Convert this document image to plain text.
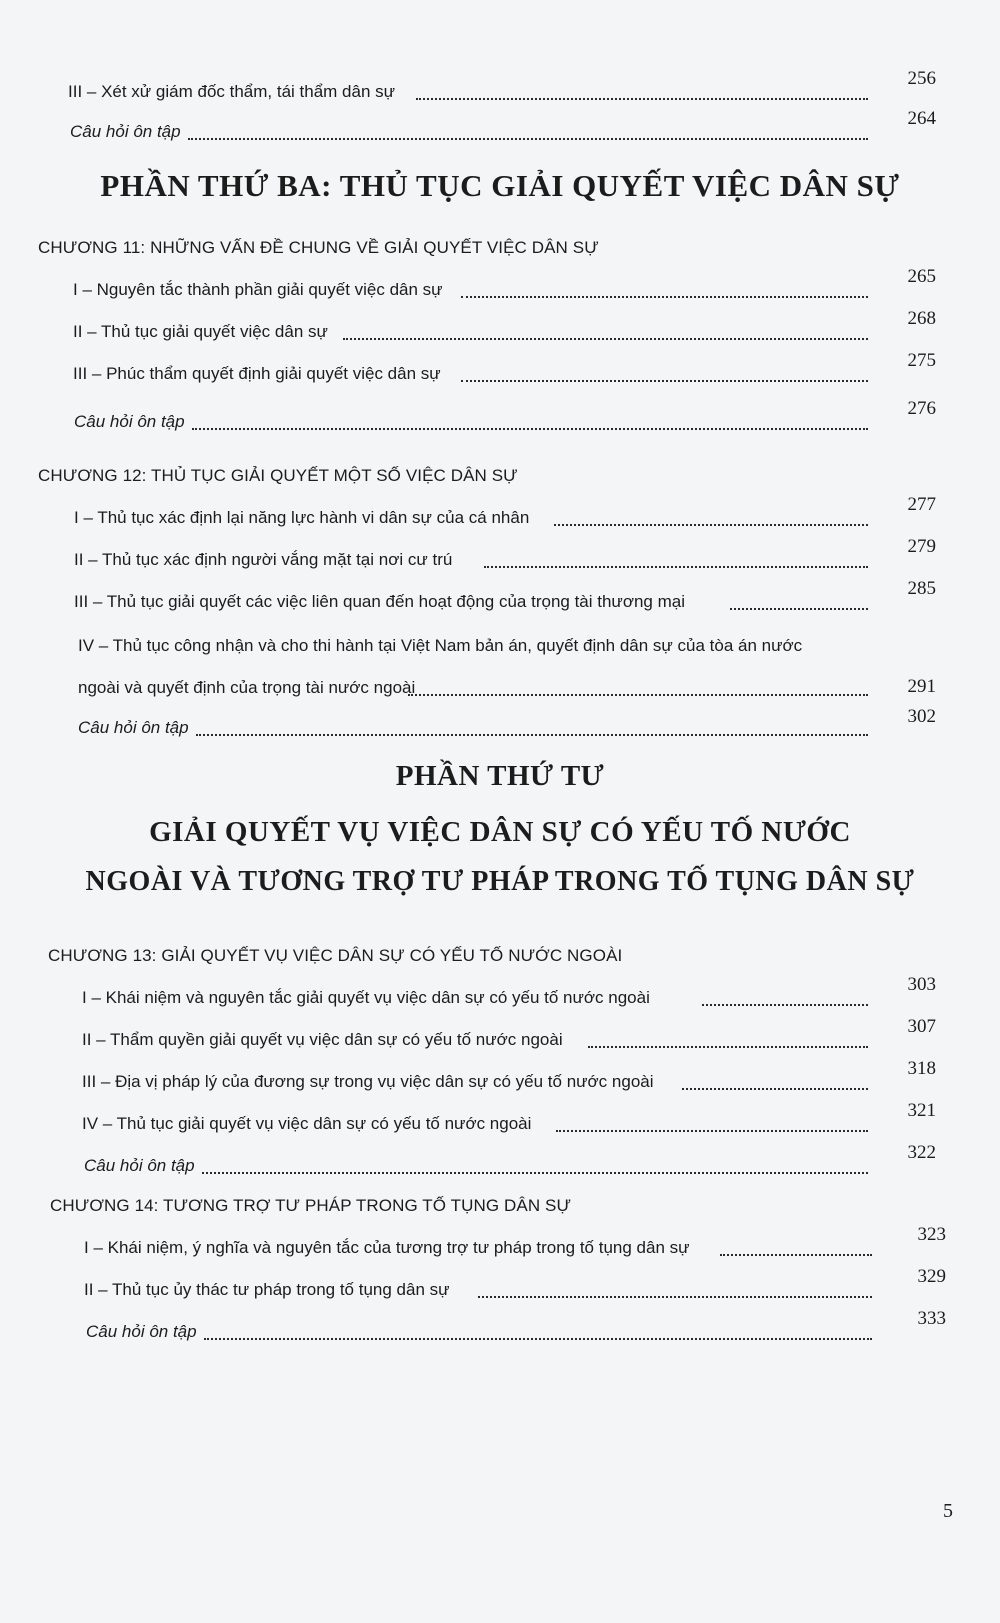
III – Xét xử giám đốc thẩm, tái thẩm dân sự
256
Câu hỏi ôn tập
264
PHẦN THỨ BA: THỦ TỤC GIẢI QUYẾT VIỆC DÂN SỰ
CHƯƠNG 11: NHỮNG VẤN ĐỀ CHUNG VỀ GIẢI QUYẾT VIỆC DÂN SỰ
I – Nguyên tắc thành phần giải quyết việc dân sự
265
II – Thủ tục giải quyết việc dân sự
268
III – Phúc thẩm quyết định giải quyết việc dân sự
275
Câu hỏi ôn tập
276
CHƯƠNG 12: THỦ TỤC GIẢI QUYẾT MỘT SỐ VIỆC DÂN SỰ
I – Thủ tục xác định lại năng lực hành vi dân sự của cá nhân
277
II – Thủ tục xác định người vắng mặt tại nơi cư trú
279
III – Thủ tục giải quyết các việc liên quan đến hoạt động của trọng tài thương mại
285
IV – Thủ tục công nhận và cho thi hành tại Việt Nam bản án, quyết định dân sự của tòa án nước
ngoài và quyết định của trọng tài nước ngoài	291
Câu hỏi ôn tập
302
PHẦN THỨ TƯ
GIẢI QUYẾT VỤ VIỆC DÂN SỰ CÓ YẾU TỐ NƯỚC
NGOÀI VÀ TƯƠNG TRỢ TƯ PHÁP TRONG TỐ TỤNG DÂN SỰ
CHƯƠNG 13: GIẢI QUYẾT VỤ VIỆC DÂN SỰ CÓ YẾU TỐ NƯỚC NGOÀI
I – Khái niệm và nguyên tắc giải quyết vụ việc dân sự có yếu tố nước ngoài
303
II – Thẩm quyền giải quyết vụ việc dân sự có yếu tố nước ngoài
307
III – Địa vị pháp lý của đương sự trong vụ việc dân sự có yếu tố nước ngoài
318
IV – Thủ tục giải quyết vụ việc dân sự có yếu tố nước ngoài
321
Câu hỏi ôn tập
322
CHƯƠNG 14: TƯƠNG TRỢ TƯ PHÁP TRONG TỐ TỤNG DÂN SỰ
I – Khái niệm, ý nghĩa và nguyên tắc của tương trợ tư pháp trong tố tụng dân sự
323
II – Thủ tục ủy thác tư pháp trong tố tụng dân sự
329
Câu hỏi ôn tập
333
5
